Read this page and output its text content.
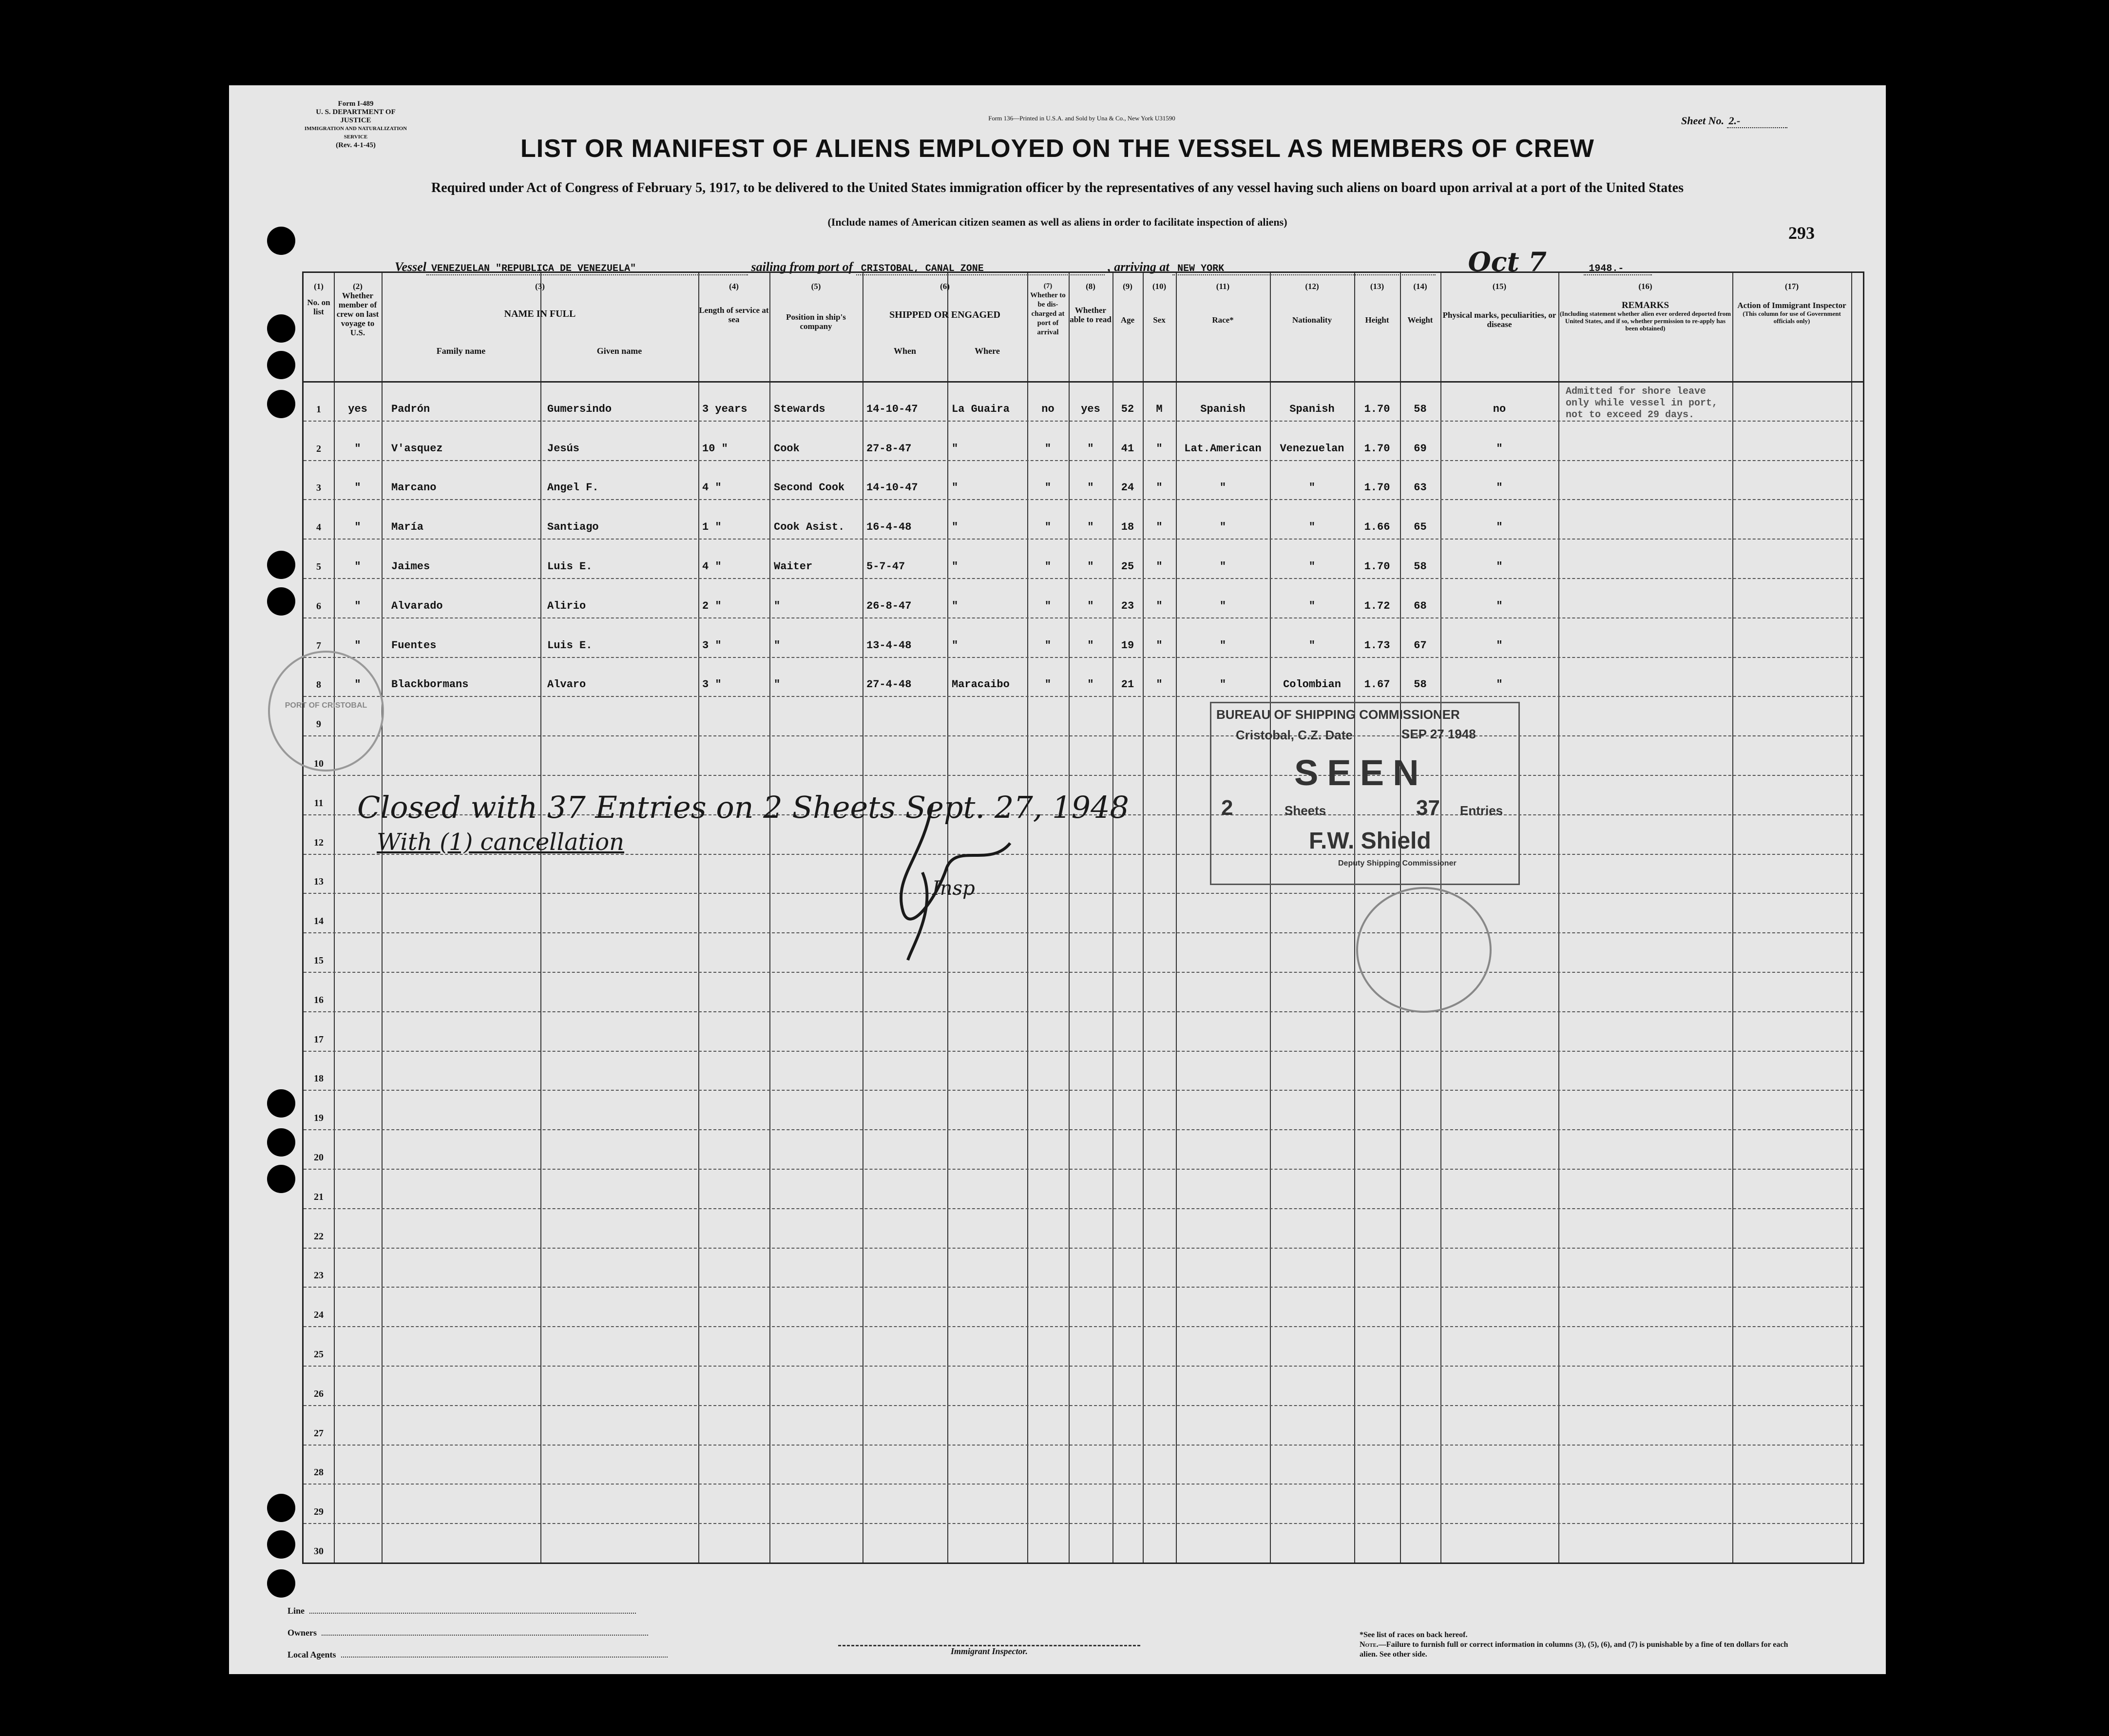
Form I-489
U. S. DEPARTMENT OF JUSTICE
IMMIGRATION AND NATURALIZATION SERVICE
(Rev. 4-1-45)
Form 136—Printed in U.S.A. and Sold by Una & Co., New York U31590	Sheet No. 2.-
LIST OR MANIFEST OF ALIENS EMPLOYED ON THE VESSEL AS MEMBERS OF CREW
Required under Act of Congress of February 5, 1917, to be delivered to the United States immigration officer by the representatives of any vessel having such aliens on board upon arrival at a port of the United States
(Include names of American citizen seamen as well as aliens in order to facilitate inspection of aliens)
293
Vessel VENEZUELAN "REPUBLICA DE VENEZUELA"	sailing from port of CRISTOBAL, CANAL ZONE	, arriving at NEW YORK	Oct 7	1948.-
(1)
No. on list
(2)
Whether member of crew on last voyage to U.S.
(3)
NAME IN FULL
Family name	Given name
(4)
Length of service at sea
(5)
Position in ship's company
(6)
SHIPPED OR ENGAGED
When	Where
(7)
Whether to be dis-charged at port of arrival
(8)
Whether able to read
(9)
Age
(10)
Sex
(11)
Race*
(12)
Nationality
(13)
Height
(14)
Weight
(15)
Physical marks, peculiarities, or disease
(16)
REMARKS
(Including statement whether alien ever ordered deported from United States, and if so, whether permission to re-apply has been obtained)
(17)
Action of Immigrant Inspector
(This column for use of Government officials only)
1
2
3
4
5
6
7
8
9
10
11
12
13
14
15
16
17
18
19
20
21
22
23
24
25
26
27
28
29
30
yes	Padrón	Gumersindo	3 years	Stewards	14-10-47	La Guaira	no	yes	52	M	Spanish	Spanish	1.70	58	no
"	V'asquez	Jesús	10 "	Cook	27-8-47	"	"	"	41	"	Lat.American	Venezuelan	1.70	69	"
"	Marcano	Angel F.	4 "	Second Cook	14-10-47	"	"	"	24	"	"	"	1.70	63	"
"	María	Santiago	1 "	Cook Asist.	16-4-48	"	"	"	18	"	"	"	1.66	65	"
"	Jaimes	Luis E.	4 "	Waiter	5-7-47	"	"	"	25	"	"	"	1.70	58	"
"	Alvarado	Alirio	2 "	"	26-8-47	"	"	"	23	"	"	"	1.72	68	"
"	Fuentes	Luis E.	3 "	"	13-4-48	"	"	"	19	"	"	"	1.73	67	"
"	Blackbormans	Alvaro	3 "	"	27-4-48	Maracaibo	"	"	21	"	"	Colombian	1.67	58	"
Admitted for shore leave only while vessel in port, not to exceed 29 days.
Closed with 37 Entries on 2 Sheets Sept. 27, 1948
With (1) cancellation
Insp
BUREAU OF SHIPPING COMMISSIONER
Cristobal, C.Z. Date	SEP 27 1948
SEEN
2	Sheets	37 Entries
F.W. Shield
Deputy Shipping Commissioner
PORT OF CRISTOBAL
Line
Owners
Local Agents	Immigrant Inspector.
*See list of races on back hereof.
Note.—Failure to furnish full or correct information in columns (3), (5), (6), and (7) is punishable by a fine of ten dollars for each alien. See other side.
